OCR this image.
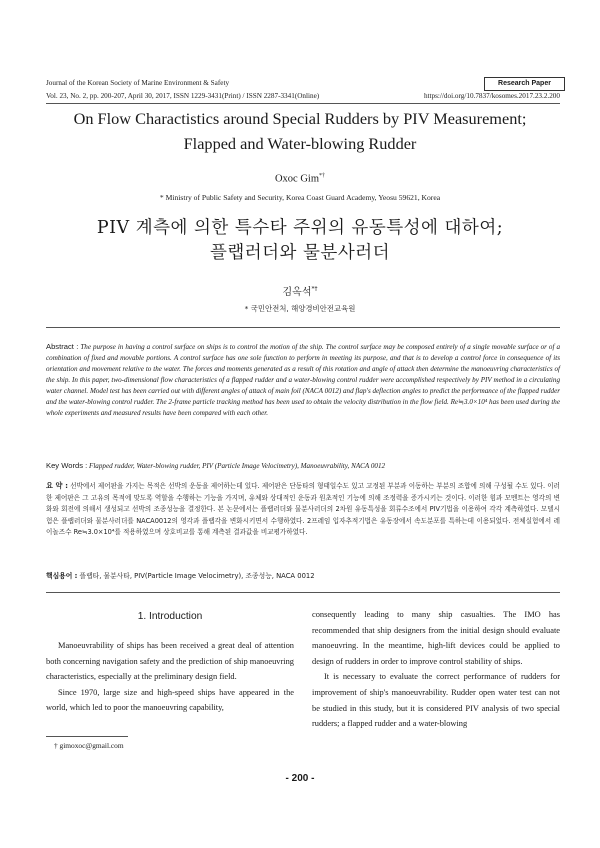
Journal of the Korean Society of Marine Environment & Safety	Research Paper
Vol. 23, No. 2, pp. 200-207, April 30, 2017, ISSN 1229-3431(Print) / ISSN 2287-3341(Online)	https://doi.org/10.7837/kosomes.2017.23.2.200
On Flow Charactistics around Special Rudders by PIV Measurement;
Flapped and Water-blowing Rudder
Oxoc Gim*†
* Ministry of Public Safety and Security, Korea Coast Guard Academy, Yeosu 59621, Korea
PIV 계측에 의한 특수타 주위의 유동특성에 대하여;
플랩러더와 물분사러더
김옥석*†
* 국민안전처, 해양경비안전교육원
Abstract : The purpose in having a control surface on ships is to control the motion of the ship. The control surface may be composed entirely of a single movable surface or of a combination of fixed and movable portions. A control surface has one sole function to perform in meeting its purpose, and that is to develop a control force in consequence of its orientation and movement relative to the water. The forces and moments generated as a result of this rotation and angle of attack then determine the manoeuvring characteristics of the ship. In this paper, two-dimensional flow characteristics of a flapped rudder and a water-blowing control rudder were accomplished respectively by PIV method in a circulating water channel. Model test has been carried out with different angles of attack of main foil (NACA 0012) and flap's deflection angles to predict the performance of the flapped rudder and the water-blowing control rudder. The 2-frame particle tracking method has been used to obtain the velocity distribution in the flow field. Re≒3.0×10⁴ has been used during the whole experiments and measured results have been compared with each other.
Key Words : Flapped rudder, Water-blowing rudder, PIV (Particle Image Velocimetry), Manoeuvrability, NACA 0012
요 약 : 선박에서 제어판을 가지는 목적은 선박의 운동을 제어하는데 있다. 제어판은 단동타의 형태일수도 있고 고정된 부분과 이동하는 부분의 조합에 의해 구성될 수도 있다. 이러한 제어판은 그 고유의 목적에 맞도록 역할을 수행하는 기능을 가지며, 유체와 상대적인 운동과 원초적인 기능에 의해 조정력을 증가시키는 것이다. 이러한 힘과 모멘트는 영각의 변화와 회전에 의해서 생성되고 선박의 조종성능을 결정한다. 본 논문에서는 플랩러더와 물분사러더의 2차원 유동특성을 회류수조에서 PIV기법을 이용하여 각각 계측하였다. 모델시험은 플랩러더와 물분사러더를 NACA0012의 영각과 플랩각을 변화시키면서 수행하였다. 2프레임 입자추적기법은 유동장에서 속도분포를 특하는데 이용되었다. 전체실험에서 레이놀즈수 Re≒3.0×10⁴를 적용하였으며 상호비교를 통해 계측된 결과값을 비교평가하였다.
핵심용어 : 플랩타, 물분사타, PIV(Particle Image Velocimetry), 조종성능, NACA 0012
1. Introduction

Manoeuvrability of ships has been received a great deal of attention both concerning navigation safety and the prediction of ship manoeuvring characteristics, especially at the preliminary design field.

Since 1970, large size and high-speed ships have appeared in the world, which led to poor the manoeuvring capability,

† gimoxoc@gmail.com

consequently leading to many ship casualties. The IMO has recommended that ship designers from the initial design should evaluate manoeuvring. In the meantime, high-lift devices could be applied to design of rudders in order to improve control stability of ships.

It is necessary to evaluate the correct performance of rudders for improvement of ship's manoeuvrability. Rudder open water test can not be studied in this study, but it is considered PIV analysis of two special rudders; a flapped rudder and a water-blowing

- 200 -
